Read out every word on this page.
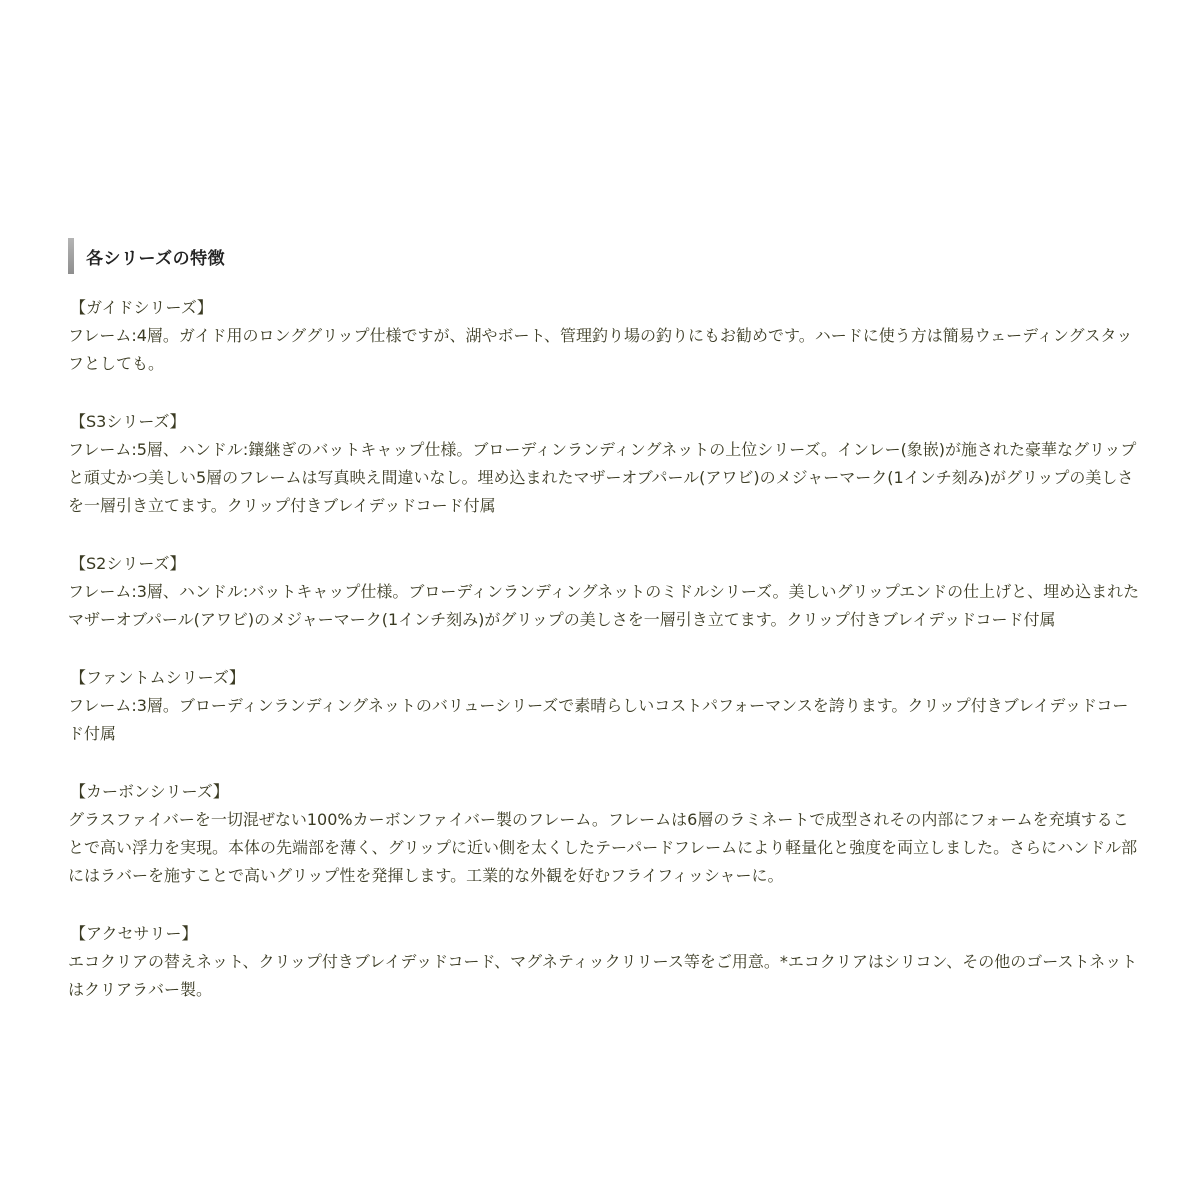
各シリーズの特徴
【ガイドシリーズ】
フレーム:4層。ガイド用のロンググリップ仕様ですが、湖やボート、管理釣り場の釣りにもお勧めです。ハードに使う方は簡易ウェーディングスタッフとしても。
【S3シリーズ】
フレーム:5層、ハンドル:鑲継ぎのバットキャップ仕様。ブローディンランディングネットの上位シリーズ。インレー(象嵌)が施された豪華なグリップと頑丈かつ美しい5層のフレームは写真映え間違いなし。埋め込まれたマザーオブパール(アワビ)のメジャーマーク(1インチ刻み)がグリップの美しさを一層引き立てます。クリップ付きブレイデッドコード付属
【S2シリーズ】
フレーム:3層、ハンドル:バットキャップ仕様。ブローディンランディングネットのミドルシリーズ。美しいグリップエンドの仕上げと、埋め込まれたマザーオブパール(アワビ)のメジャーマーク(1インチ刻み)がグリップの美しさを一層引き立てます。クリップ付きブレイデッドコード付属
【ファントムシリーズ】
フレーム:3層。ブローディンランディングネットのバリューシリーズで素晴らしいコストパフォーマンスを誇ります。クリップ付きブレイデッドコード付属
【カーボンシリーズ】
グラスファイバーを一切混ぜない100%カーボンファイバー製のフレーム。フレームは6層のラミネートで成型されその内部にフォームを充填することで高い浮力を実現。本体の先端部を薄く、グリップに近い側を太くしたテーパードフレームにより軽量化と強度を両立しました。さらにハンドル部にはラバーを施すことで高いグリップ性を発揮します。工業的な外観を好むフライフィッシャーに。
【アクセサリー】
エコクリアの替えネット、クリップ付きブレイデッドコード、マグネティックリリース等をご用意。*エコクリアはシリコン、その他のゴーストネットはクリアラバー製。
